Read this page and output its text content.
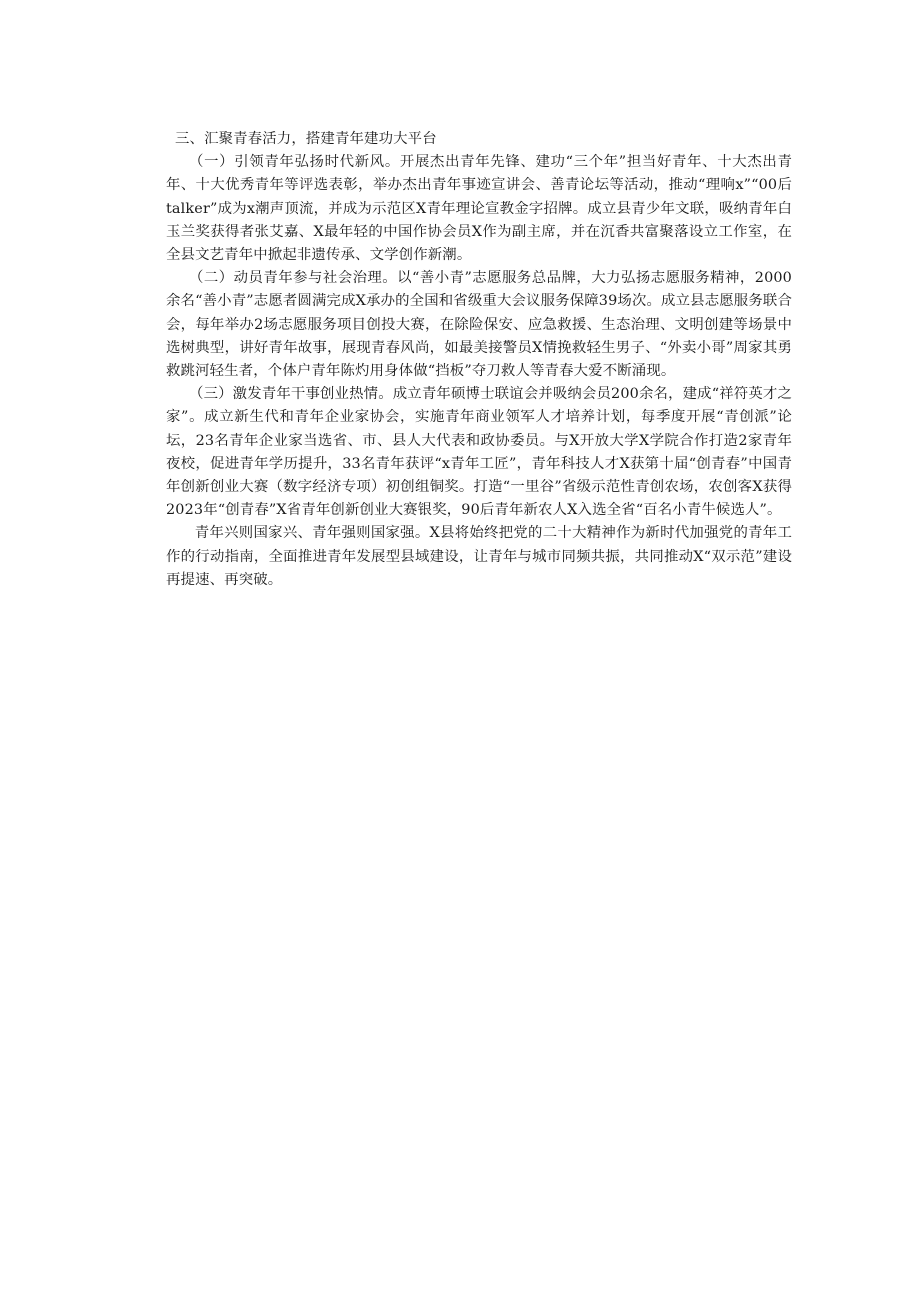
三、汇聚青春活力，搭建青年建功大平台

（一）引领青年弘扬时代新风。开展杰出青年先锋、建功“三个年”担当好青年、十大杰出青年、十大优秀青年等评选表彰，举办杰出青年事迹宣讲会、善青论坛等活动，推动“理响x”“00后talker”成为x潮声顶流，并成为示范区X青年理论宣教金字招牌。成立县青少年文联，吸纳青年白玉兰奖获得者张艾嘉、X最年轻的中国作协会员X作为副主席，并在沉香共富聚落设立工作室，在全县文艺青年中掀起非遗传承、文学创作新潮。

（二）动员青年参与社会治理。以“善小青”志愿服务总品牌，大力弘扬志愿服务精神，2000余名“善小青”志愿者圆满完成X承办的全国和省级重大会议服务保障39场次。成立县志愿服务联合会，每年举办2场志愿服务项目创投大赛，在除险保安、应急救援、生态治理、文明创建等场景中选树典型，讲好青年故事，展现青春风尚，如最美接警员X情挽救轻生男子、“外卖小哥”周家其勇救跳河轻生者，个体户青年陈灼用身体做“挡板”夺刀救人等青春大爱不断涌现。

（三）激发青年干事创业热情。成立青年硕博士联谊会并吸纳会员200余名，建成“祥符英才之家”。成立新生代和青年企业家协会，实施青年商业领军人才培养计划，每季度开展“青创派”论坛，23名青年企业家当选省、市、县人大代表和政协委员。与X开放大学X学院合作打造2家青年夜校，促进青年学历提升，33名青年获评“x青年工匠”，青年科技人才X获第十届“创青春”中国青年创新创业大赛（数字经济专项）初创组铜奖。打造“一里谷”省级示范性青创农场，农创客X获得2023年“创青春”X省青年创新创业大赛银奖，90后青年新农人X入选全省“百名小青牛候选人”。

青年兴则国家兴、青年强则国家强。X县将始终把党的二十大精神作为新时代加强党的青年工作的行动指南，全面推进青年发展型县域建设，让青年与城市同频共振，共同推动X“双示范”建设再提速、再突破。
